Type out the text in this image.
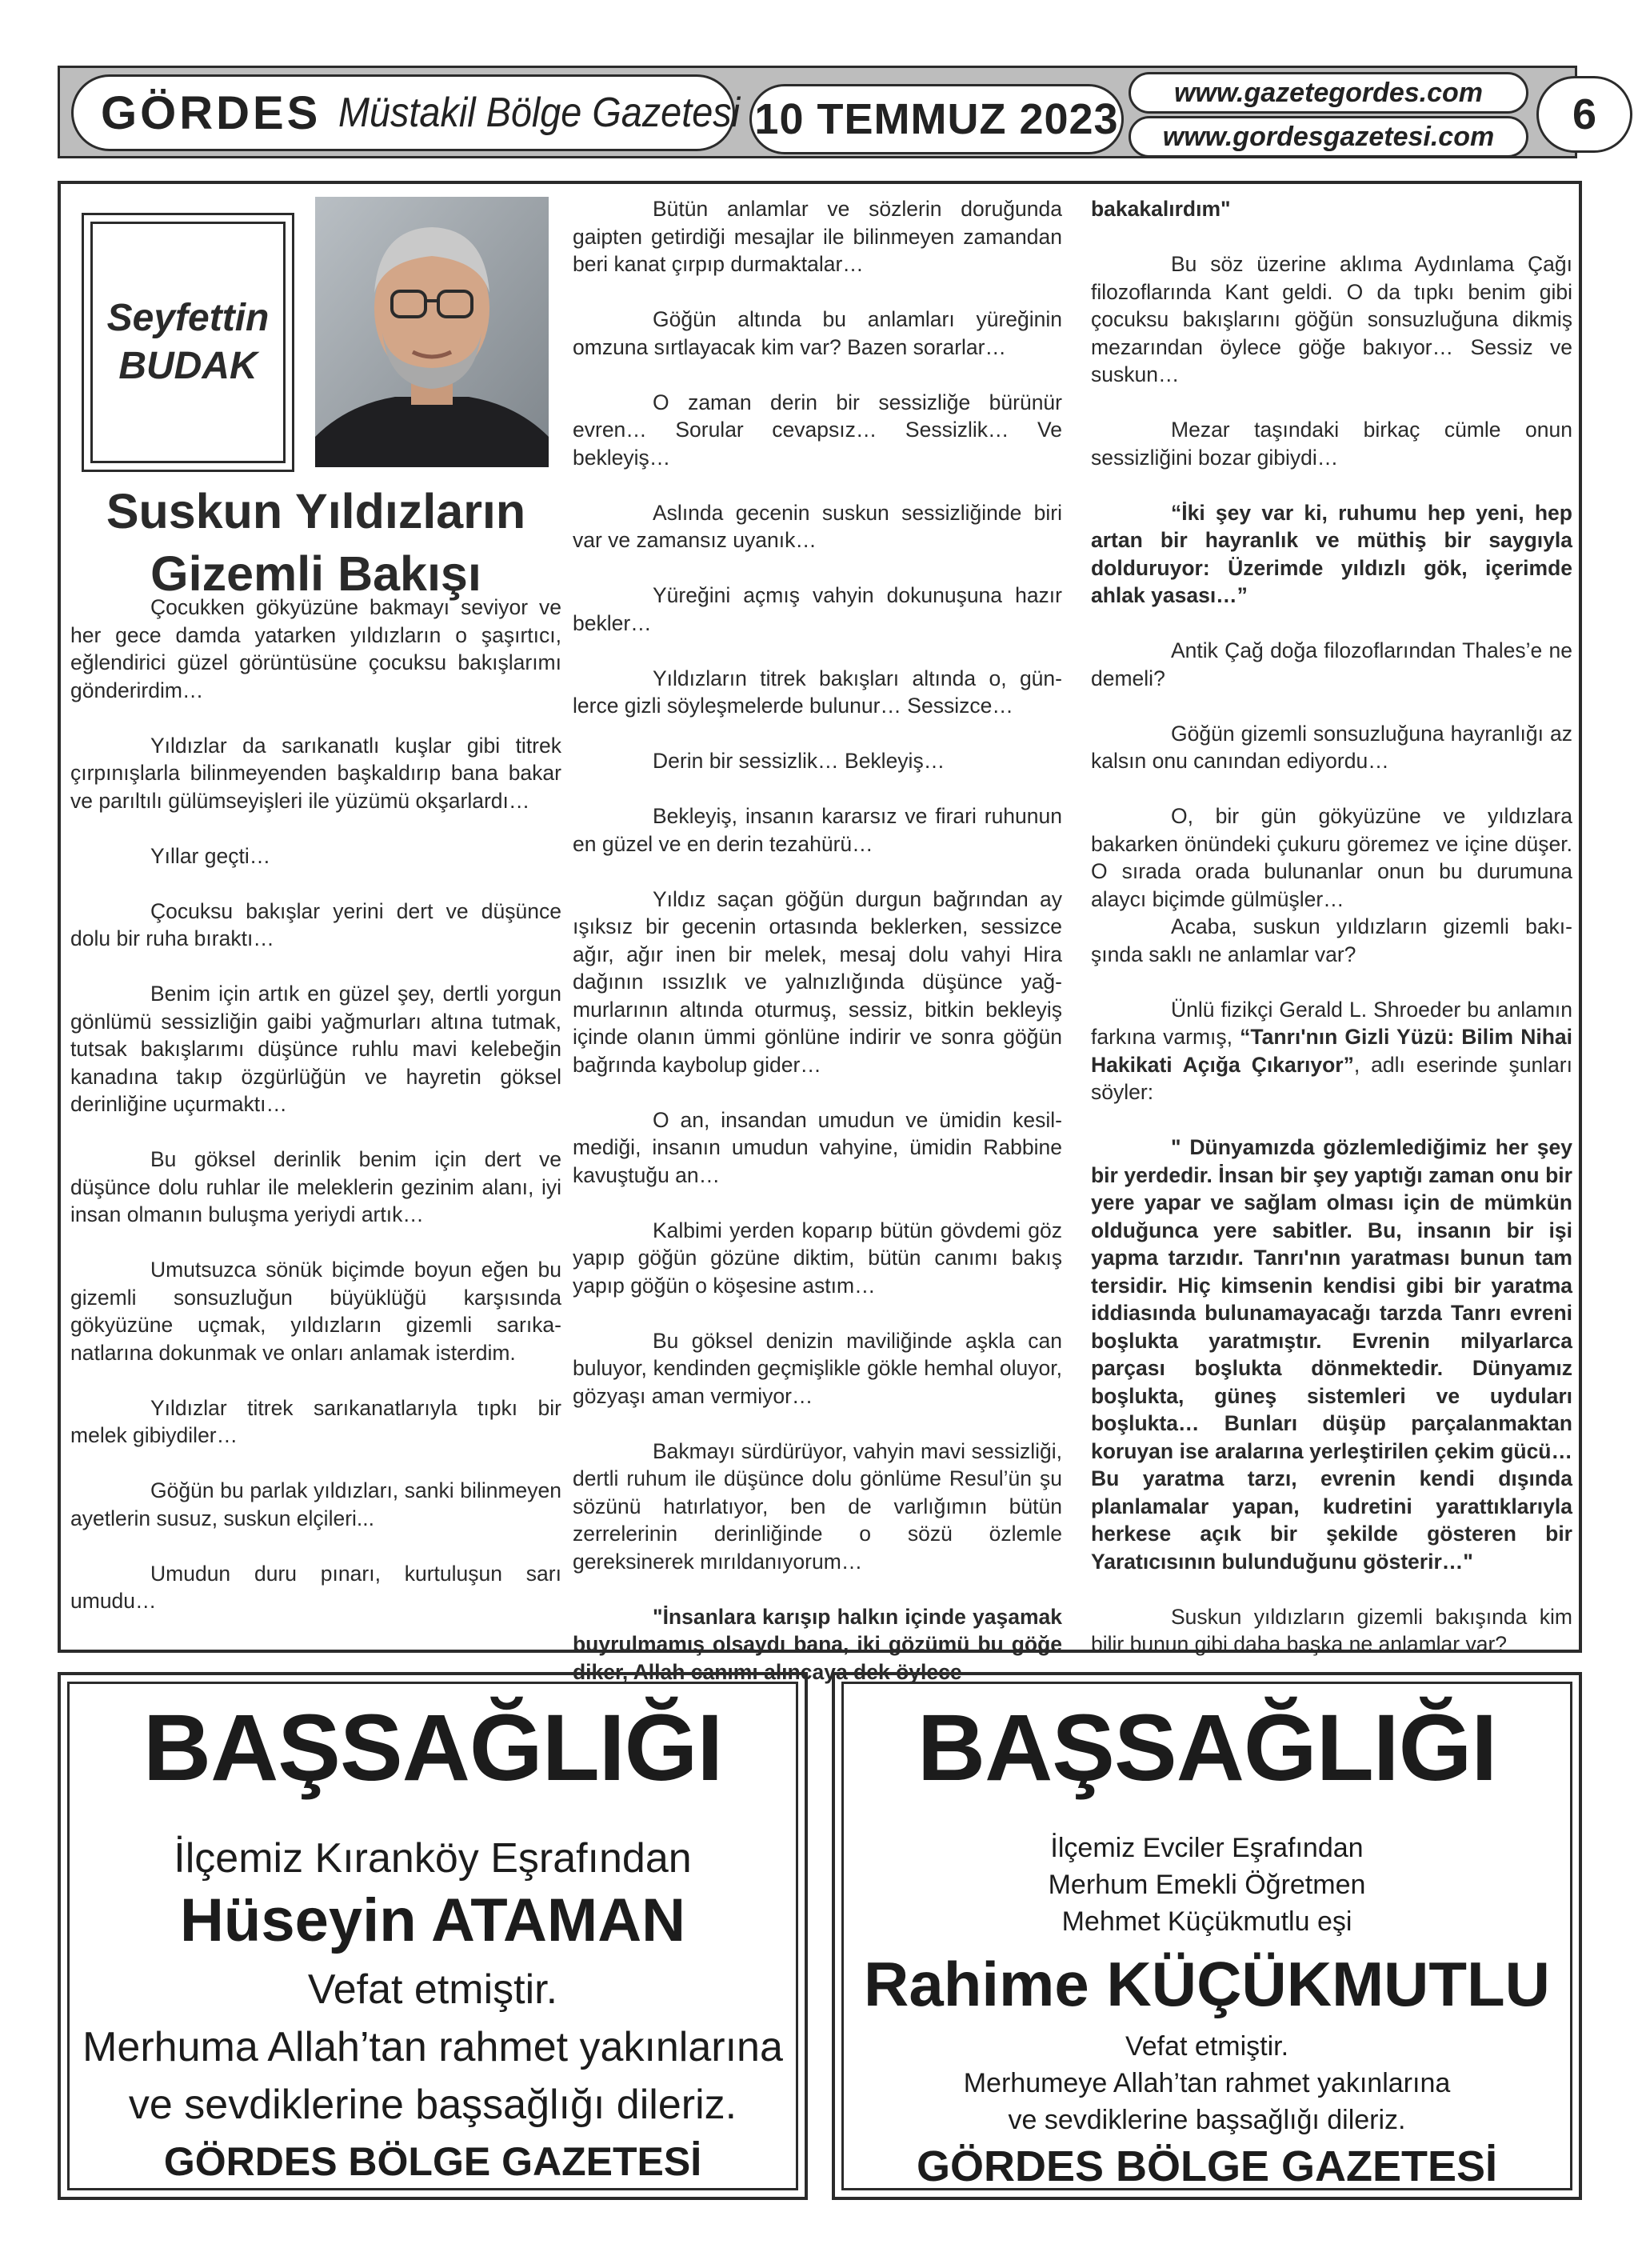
GÖRDES Müstakil Bölge Gazetesi 10 TEMMUZ 2023
www.gazetegordes.com
www.gordesgazetesi.com	6
Seyfettin
BUDAK
Suskun Yıldızların
Gizemli Bakışı

Çocukken gökyüzüne bakmayı seviyor ve her gece damda yatarken yıldızların o şaşırtıcı, eğlendirici güzel görüntüsüne çocuksu bakışlarımı gönderirdim…

Yıldızlar da sarıkanatlı kuşlar gibi titrek çırpınışlarla bilinmeyenden başkaldırıp bana bakar ve parıltılı gülümseyişleri ile yüzümü okşarlardı…

Yıllar geçti…

Çocuksu bakışlar yerini dert ve düşünce dolu bir ruha bıraktı…

Benim için artık en güzel şey, dertli yorgun gönlümü sessizliğin gaibi yağmurları altına tutmak, tutsak bakışlarımı düşünce ruhlu mavi kelebeğin kanadına takıp özgürlüğün ve hayretin göksel derinliğine uçurmaktı…

Bu göksel derinlik benim için dert ve düşünce dolu ruhlar ile meleklerin gezinim alanı, iyi insan olmanın buluşma yeriydi artık…

Umutsuzca sönük biçimde boyun eğen bu gizemli sonsuzluğun büyüklüğü karşısında gökyüzüne uçmak, yıldızların gizemli sarıkanatlarına dokunmak ve onları anlamak isterdim.

Yıldızlar titrek sarıkanatlarıyla tıpkı bir melek gibiydiler…

Göğün bu parlak yıldızları, sanki bilinmeyen ayetlerin susuz, suskun elçileri...

Umudun duru pınarı, kurtuluşun sarı umudu…

Bütün anlamlar ve sözlerin doruğunda gaipten getirdiği mesajlar ile bilinmeyen zamandan beri kanat çırpıp durmaktalar…

Göğün altında bu anlamları yüreğinin omzuna sırtlayacak kim var? Bazen sorarlar…

O zaman derin bir sessizliğe bürünür evren… Sorular cevapsız… Sessizlik… Ve bekleyiş…

Aslında gecenin suskun sessizliğinde biri var ve zamansız uyanık…

Yüreğini açmış vahyin dokunuşuna hazır bekler…

Yıldızların titrek bakışları altında o, günlerce gizli söyleşmelerde bulunur… Sessizce…

Derin bir sessizlik… Bekleyiş…

Bekleyiş, insanın kararsız ve firari ruhunun en güzel ve en derin tezahürü…

Yıldız saçan göğün durgun bağrından ay ışıksız bir gecenin ortasında beklerken, sessizce ağır, ağır inen bir melek, mesaj dolu vahyi Hira dağının ıssızlık ve yalnızlığında düşünce yağmurlarının altında oturmuş, sessiz, bitkin bekleyiş içinde olanın ümmi gönlüne indirir ve sonra göğün bağrında kaybolup gider…

O an, insandan umudun ve ümidin kesilmediği, insanın umudun vahyine, ümidin Rabbine kavuştuğu an…

Kalbimi yerden koparıp bütün gövdemi göz yapıp göğün gözüne diktim, bütün canımı bakış yapıp göğün o köşesine astım…

Bu göksel denizin maviliğinde aşkla can buluyor, kendinden geçmişlikle gökle hemhal oluyor, gözyaşı aman vermiyor…

Bakmayı sürdürüyor, vahyin mavi sessizliği, dertli ruhum ile düşünce dolu gönlüme Resul’ün şu sözünü hatırlatıyor, ben de varlığımın bütün zerrelerinin derinliğinde o sözü özlemle gereksinerek mırıldanıyorum…

"İnsanlara karışıp halkın içinde yaşamak buyrulmamış olsaydı bana, iki gözümü bu göğe diker, Allah canımı alıncaya dek öylece

bakakalırdım"

Bu söz üzerine aklıma Aydınlama Çağı filozoflarında Kant geldi. O da tıpkı benim gibi çocuksu bakışlarını göğün sonsuzluğuna dikmiş mezarından öylece göğe bakıyor… Sessiz ve suskun…

Mezar taşındaki birkaç cümle onun sessizliğini bozar gibiydi…

“İki şey var ki, ruhumu hep yeni, hep artan bir hayranlık ve müthiş bir saygıyla dolduruyor: Üzerimde yıldızlı gök, içerimde ahlak yasası…”

Antik Çağ doğa filozoflarından Thales’e ne demeli?

Göğün gizemli sonsuzluğuna hayranlığı az kalsın onu canından ediyordu…

O, bir gün gökyüzüne ve yıldızlara bakarken önündeki çukuru göremez ve içine düşer. O sırada orada bulunanlar onun bu durumuna alaycı biçimde gülmüşler…

Acaba, suskun yıldızların gizemli bakışında saklı ne anlamlar var?

Ünlü fizikçi Gerald L. Shroeder bu anlamın farkına varmış, “Tanrı'nın Gizli Yüzü: Bilim Nihai Hakikati Açığa Çıkarıyor”, adlı eserinde şunları söyler:

" Dünyamızda gözlemlediğimiz her şey bir yerdedir. İnsan bir şey yaptığı zaman onu bir yere yapar ve sağlam olması için de mümkün olduğunca yere sabitler. Bu, insanın bir işi yapma tarzıdır. Tanrı'nın yaratması bunun tam tersidir. Hiç kimsenin kendisi gibi bir yaratma iddiasında bulunamayacağı tarzda Tanrı evreni boşlukta yaratmıştır. Evrenin milyarlarca parçası boşlukta dönmektedir. Dünyamız boşlukta, güneş sistemleri ve uyduları boşlukta… Bunları düşüp parçalanmaktan koruyan ise aralarına yerleştirilen çekim gücü… Bu yaratma tarzı, evrenin kendi dışında planlamalar yapan, kudretini yarattıklarıyla herkese açık bir şekilde gösteren bir Yaratıcısının bulunduğunu gösterir…"

Suskun yıldızların gizemli bakışında kim bilir bunun gibi daha başka ne anlamlar var?

BAŞSAĞLIĞI
İlçemiz Kıranköy Eşrafından
Hüseyin ATAMAN
Vefat etmiştir.
Merhuma Allah’tan rahmet yakınlarına
ve sevdiklerine başsağlığı dileriz.
GÖRDES BÖLGE GAZETESİ
BAŞSAĞLIĞI
İlçemiz Evciler Eşrafından
Merhum Emekli Öğretmen
Mehmet Küçükmutlu eşi
Rahime KÜÇÜKMUTLU
Vefat etmiştir.
Merhumeye Allah’tan rahmet yakınlarına
ve sevdiklerine başsağlığı dileriz.
GÖRDES BÖLGE GAZETESİ
